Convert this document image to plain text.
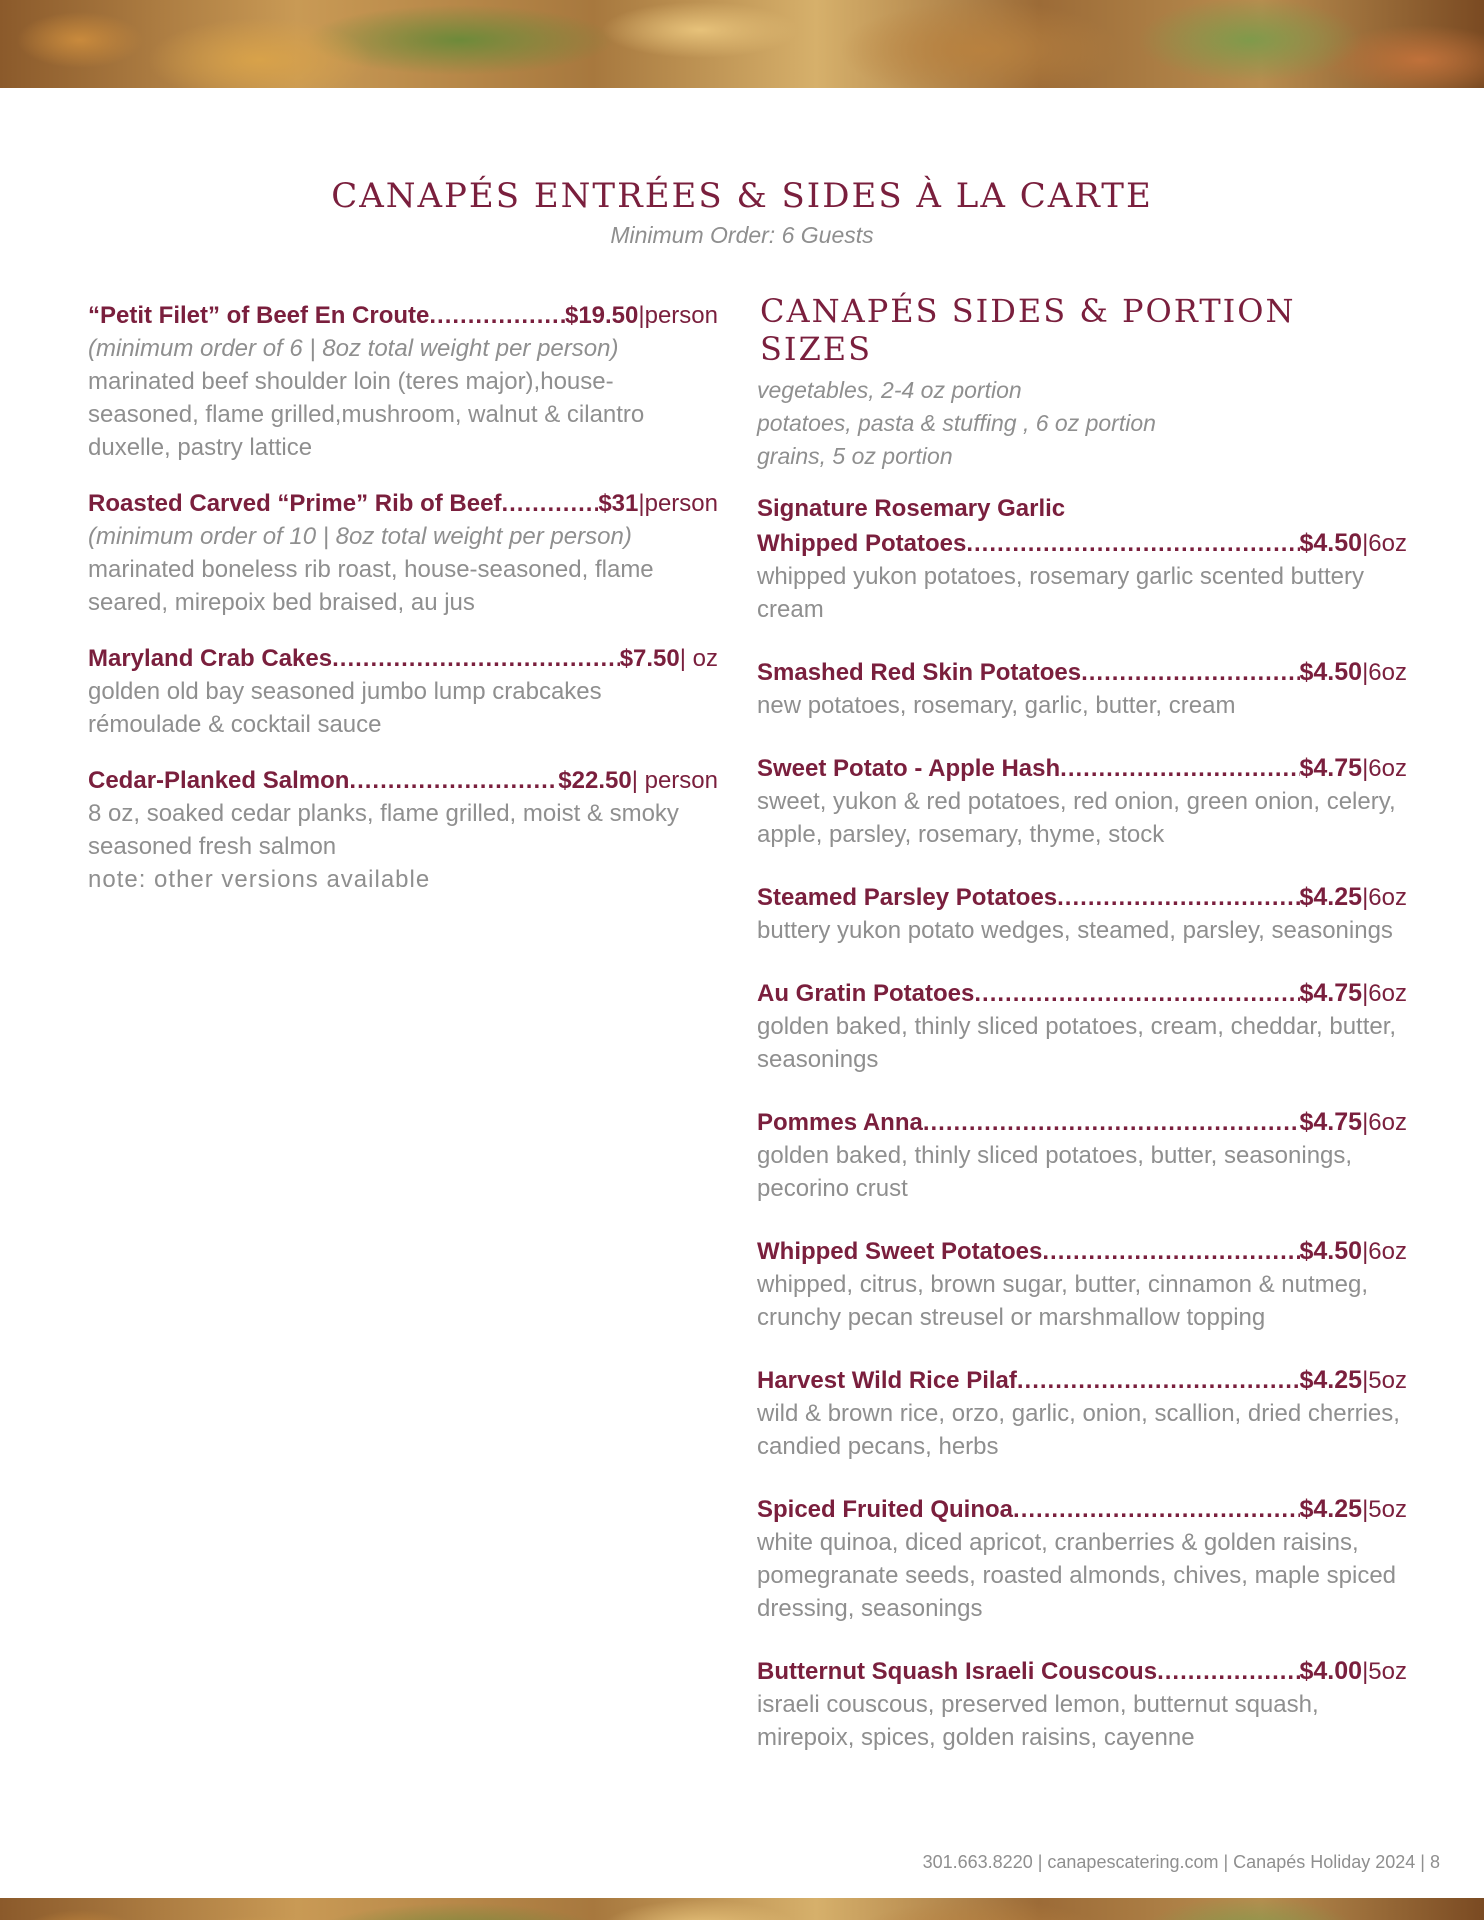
CANAPÉS ENTRÉES & SIDES À LA CARTE

Minimum Order: 6 Guests

“Petit Filet” of Beef En Croute .....	$19.50 |person

(minimum order of 6 | 8oz total weight per person)

marinated beef shoulder loin (teres major),house-seasoned, flame grilled,mushroom, walnut & cilantro duxelle, pastry lattice

Roasted Carved “Prime” Rib of Beef .....	$31 |person

(minimum order of 10 | 8oz total weight per person)

marinated boneless rib roast, house-seasoned, flame seared, mirepoix bed braised, au jus

Maryland Crab Cakes .....	$7.50 | oz

golden old bay seasoned jumbo lump crabcakes rémoulade & cocktail sauce

Cedar-Planked Salmon .....	$22.50 | person

8 oz, soaked cedar planks, flame grilled, moist & smoky seasoned fresh salmon

note: other versions available
CANAPÉS SIDES & PORTION SIZES

vegetables, 2-4 oz portion

potatoes, pasta & stuffing , 6 oz portion

grains, 5 oz portion

Signature Rosemary Garlic
Whipped Potatoes .....	$4.50 |6oz

whipped yukon potatoes, rosemary garlic scented buttery cream

Smashed Red Skin Potatoes .....	$4.50 |6oz

new potatoes, rosemary, garlic, butter, cream

Sweet Potato - Apple Hash .....	$4.75 |6oz

sweet, yukon & red potatoes, red onion, green onion, celery, apple, parsley, rosemary, thyme, stock

Steamed Parsley Potatoes .....	$4.25 |6oz

buttery yukon potato wedges, steamed, parsley, seasonings

Au Gratin Potatoes .....	$4.75 |6oz

golden baked, thinly sliced potatoes, cream, cheddar, butter, seasonings

Pommes Anna .....	$4.75 |6oz

golden baked, thinly sliced potatoes, butter, seasonings, pecorino crust

Whipped Sweet Potatoes .....	$4.50 |6oz

whipped, citrus, brown sugar, butter, cinnamon & nutmeg, crunchy pecan streusel or marshmallow topping

Harvest Wild Rice Pilaf .....	$4.25 |5oz

wild & brown rice, orzo, garlic, onion, scallion, dried cherries, candied pecans, herbs

Spiced Fruited Quinoa .....	$4.25 |5oz

white quinoa, diced apricot, cranberries & golden raisins, pomegranate seeds, roasted almonds, chives, maple spiced dressing, seasonings

Butternut Squash Israeli Couscous .....	$4.00 |5oz

israeli couscous, preserved lemon, butternut squash, mirepoix, spices, golden raisins, cayenne

301.663.8220 | canapescatering.com | Canapés Holiday 2024 | 8
